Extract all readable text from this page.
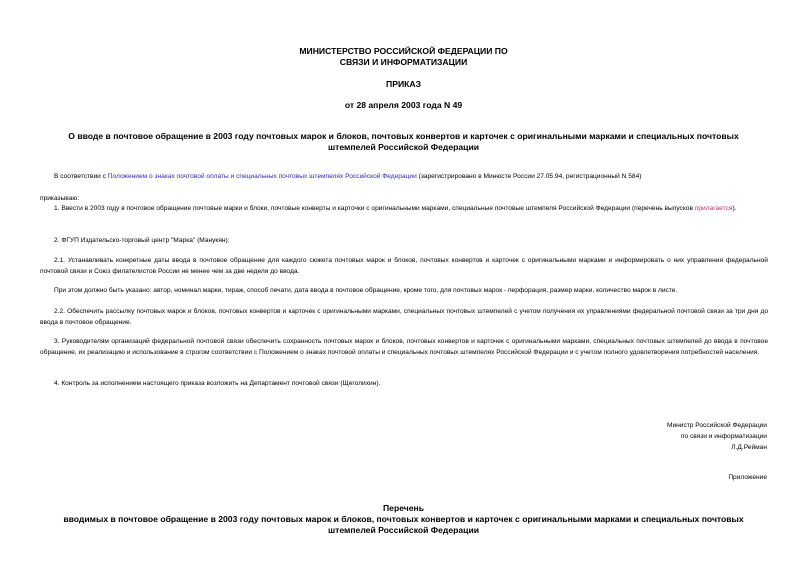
МИНИСТЕРСТВО РОССИЙСКОЙ ФЕДЕРАЦИИ ПО
СВЯЗИ И ИНФОРМАТИЗАЦИИ
ПРИКАЗ
от 28 апреля 2003 года N 49
О вводе в почтовое обращение в 2003 году почтовых марок и блоков, почтовых конвертов и карточек с оригинальными марками и специальных почтовых
штемпелей Российской Федерации
В соответствии с Положением о знаках почтовой оплаты и специальных почтовых штемпелях Российской Федерации (зарегистрировано в Минюсте России 27.05.94, регистрационный N 584)
приказываю:
1. Ввести в 2003 году в почтовое обращение почтовые марки и блоки, почтовые конверты и карточки с оригинальными марками, специальные почтовые штемпеля Российской Федерации (перечень выпусков прилагается).
2. ФГУП Издательско-торговый центр "Марка" (Манукян):
2.1. Устанавливать конкретные даты ввода в почтовое обращение для каждого сюжета почтовых марок и блоков, почтовых конвертов и карточек с оригинальными марками и информировать о них управления федеральной почтовой связи и Союз филателистов России не менее чем за две недели до ввода.
При этом должно быть указано: автор, номинал марки, тираж, способ печати, дата ввода в почтовое обращение, кроме того, для почтовых марок - перфорация, размер марки, количество марок в листе.
2.2. Обеспечить рассылку почтовых марок и блоков, почтовых конвертов и карточек с оригинальными марками, специальных почтовых штемпелей с учетом получения их управлениями федеральной почтовой связи за три дня до ввода в почтовое обращение.
3. Руководителям организаций федеральной почтовой связи обеспечить сохранность почтовых марок и блоков, почтовых конвертов и карточек с оригинальными марками, специальных почтовых штемпелей до ввода в почтовое обращение, их реализацию и использование в строгом соответствии с Положением о знаках почтовой оплаты и специальных почтовых штемпелях Российской Федерации и с учетом полного удовлетворения потребностей населения.
4. Контроль за исполнением настоящего приказа возложить на Департамент почтовой связи (Щеголихин).
Министр Российской Федерации
по связи и информатизации
Л.Д.Рейман
Приложение
Перечень
вводимых в почтовое обращение в 2003 году почтовых марок и блоков, почтовых конвертов и карточек с оригинальными марками и специальных почтовых
штемпелей Российской Федерации
